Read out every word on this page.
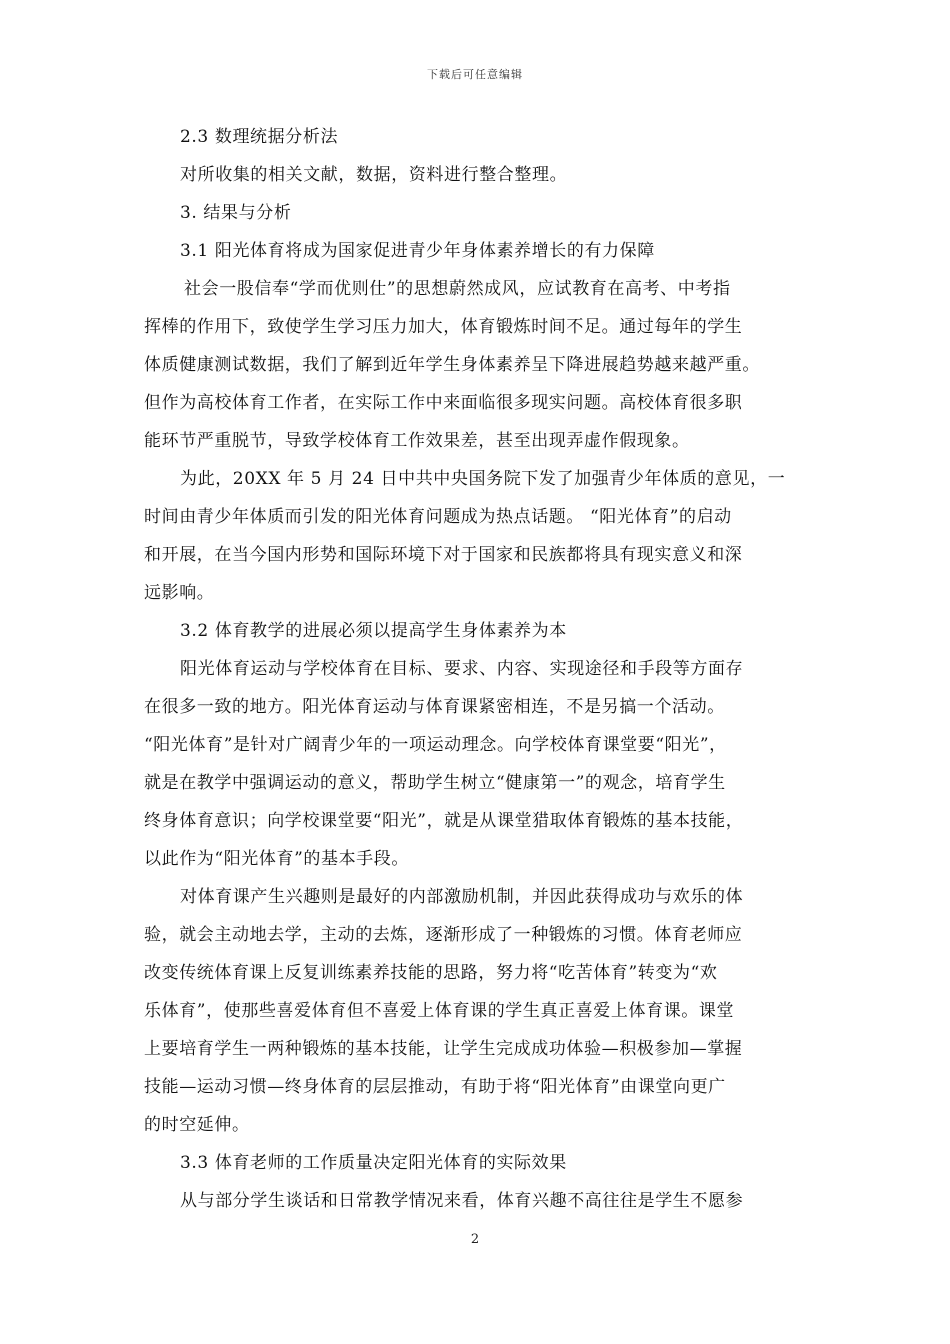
下载后可任意编辑
2.3 数理统据分析法
对所收集的相关文献，数据，资料进行整合整理。
3. 结果与分析
3.1 阳光体育将成为国家促进青少年身体素养增长的有力保障
社会一股信奉“学而优则仕”的思想蔚然成风，应试教育在高考、中考指
挥棒的作用下，致使学生学习压力加大，体育锻炼时间不足。通过每年的学生
体质健康测试数据，我们了解到近年学生身体素养呈下降进展趋势越来越严重。
但作为高校体育工作者，在实际工作中来面临很多现实问题。高校体育很多职
能环节严重脱节，导致学校体育工作效果差，甚至出现弄虚作假现象。
为此，20XX 年 5 月 24 日中共中央国务院下发了加强青少年体质的意见，一
时间由青少年体质而引发的阳光体育问题成为热点话题。 “阳光体育”的启动
和开展，在当今国内形势和国际环境下对于国家和民族都将具有现实意义和深
远影响。
3.2 体育教学的进展必须以提高学生身体素养为本
阳光体育运动与学校体育在目标、要求、内容、实现途径和手段等方面存
在很多一致的地方。阳光体育运动与体育课紧密相连，不是另搞一个活动。
“阳光体育”是针对广阔青少年的一项运动理念。向学校体育课堂要“阳光”，
就是在教学中强调运动的意义，帮助学生树立“健康第一”的观念，培育学生
终身体育意识；向学校课堂要“阳光”，就是从课堂猎取体育锻炼的基本技能，
以此作为“阳光体育”的基本手段。
对体育课产生兴趣则是最好的内部激励机制，并因此获得成功与欢乐的体
验，就会主动地去学，主动的去炼，逐渐形成了一种锻炼的习惯。体育老师应
改变传统体育课上反复训练素养技能的思路，努力将“吃苦体育”转变为“欢
乐体育”，使那些喜爱体育但不喜爱上体育课的学生真正喜爱上体育课。课堂
上要培育学生一两种锻炼的基本技能，让学生完成成功体验—积极参加—掌握
技能—运动习惯—终身体育的层层推动，有助于将“阳光体育”由课堂向更广
的时空延伸。
3.3 体育老师的工作质量决定阳光体育的实际效果
从与部分学生谈话和日常教学情况来看，体育兴趣不高往往是学生不愿参
2
